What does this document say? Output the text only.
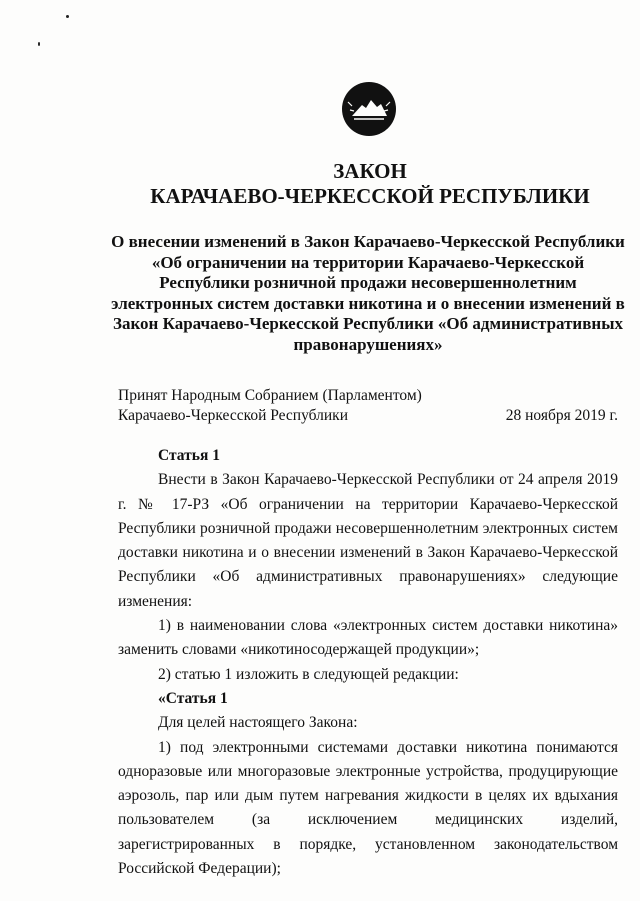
ЗАКОН
КАРАЧАЕВО-ЧЕРКЕССКОЙ РЕСПУБЛИКИ
О внесении изменений в Закон Карачаево-Черкесской Республики «Об ограничении на территории Карачаево-Черкесской Республики розничной продажи несовершеннолетним электронных систем доставки никотина и о внесении изменений в Закон Карачаево-Черкесской Республики «Об административных правонарушениях»
Принят Народным Собранием (Парламентом)
Карачаево-Черкесской Республики	28 ноября 2019 г.

Статья 1

Внести в Закон Карачаево-Черкесской Республики от 24 апреля 2019 г. № 17-РЗ «Об ограничении на территории Карачаево-Черкесской Республики розничной продажи несовершеннолетним электронных систем доставки никотина и о внесении изменений в Закон Карачаево-Черкесской Республики «Об административных правонарушениях» следующие изменения:

1) в наименовании слова «электронных систем доставки никотина» заменить словами «никотиносодержащей продукции»;

2) статью 1 изложить в следующей редакции:

«Статья 1

Для целей настоящего Закона:

1) под электронными системами доставки никотина понимаются одноразовые или многоразовые электронные устройства, продуцирующие аэрозоль, пар или дым путем нагревания жидкости в целях их вдыхания пользователем (за исключением медицинских изделий, зарегистрированных в порядке, установленном законодательством Российской Федерации);
